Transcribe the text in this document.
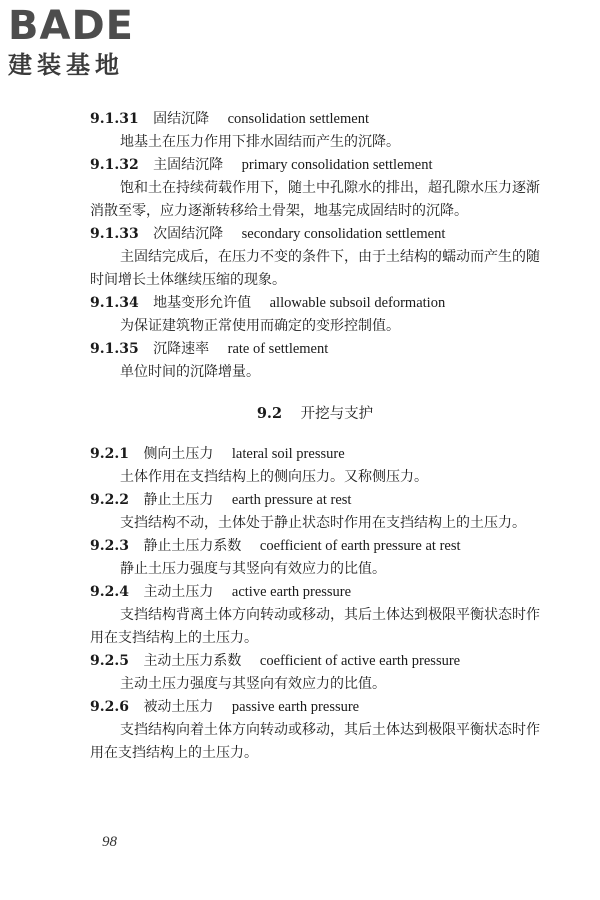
BADE
建装基地
9.1.31 固结沉降 consolidation settlement

地基土在压力作用下排水固结而产生的沉降。

9.1.32 主固结沉降 primary consolidation settlement

饱和土在持续荷载作用下，随土中孔隙水的排出，超孔隙水压力逐渐消散至零，应力逐渐转移给土骨架，地基完成固结时的沉降。

9.1.33 次固结沉降 secondary consolidation settlement

主固结完成后，在压力不变的条件下，由于土结构的蠕动而产生的随时间增长土体继续压缩的现象。

9.1.34 地基变形允许值 allowable subsoil deformation

为保证建筑物正常使用而确定的变形控制值。

9.1.35 沉降速率 rate of settlement

单位时间的沉降增量。

9.2 开挖与支护
9.2.1 侧向土压力 lateral soil pressure

土体作用在支挡结构上的侧向压力。又称侧压力。

9.2.2 静止土压力 earth pressure at rest

支挡结构不动，土体处于静止状态时作用在支挡结构上的土压力。

9.2.3 静止土压力系数 coefficient of earth pressure at rest

静止土压力强度与其竖向有效应力的比值。

9.2.4 主动土压力 active earth pressure

支挡结构背离土体方向转动或移动，其后土体达到极限平衡状态时作用在支挡结构上的土压力。

9.2.5 主动土压力系数 coefficient of active earth pressure

主动土压力强度与其竖向有效应力的比值。

9.2.6 被动土压力 passive earth pressure

支挡结构向着土体方向转动或移动，其后土体达到极限平衡状态时作用在支挡结构上的土压力。

98
